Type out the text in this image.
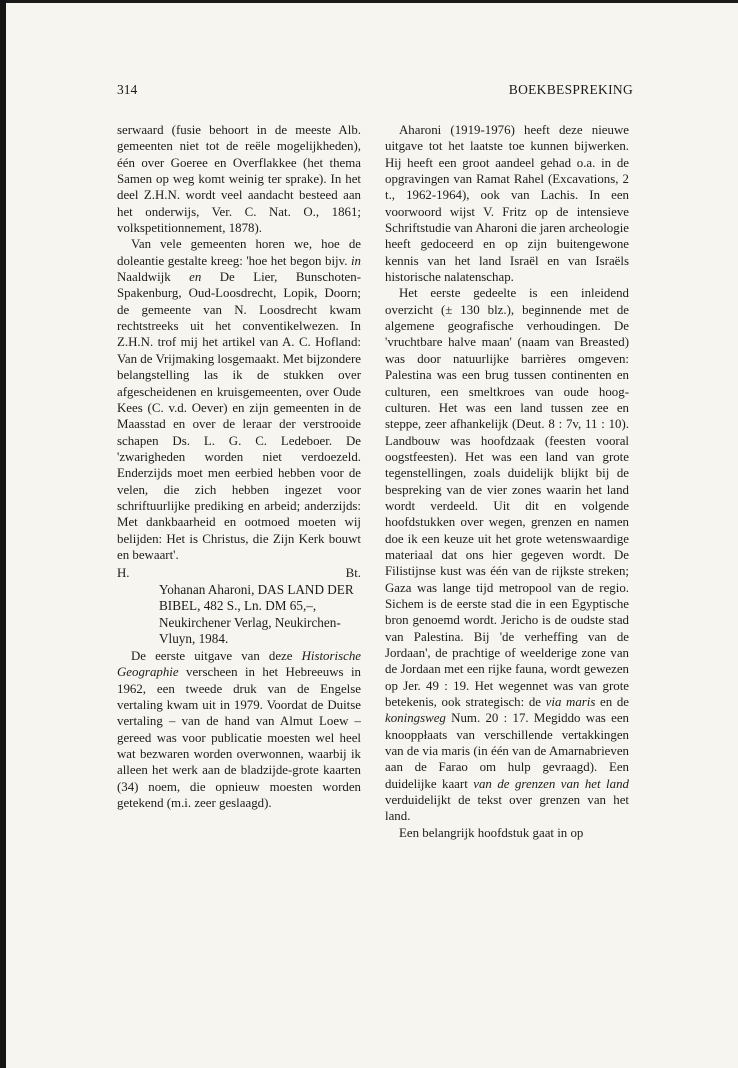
314	BOEKBESPREKING

serwaard (fusie behoort in de meeste Alb. gemeenten niet tot de reële mogelijkheden), één over Goeree en Overflakkee (het thema Samen op weg komt weinig ter sprake). In het deel Z.H.N. wordt veel aandacht besteed aan het onderwijs, Ver. C. Nat. O., 1861; volkspetitionnement, 1878).

Van vele gemeenten horen we, hoe de doleantie gestalte kreeg: 'hoe het begon bijv. in Naaldwijk en De Lier, Bunschoten-Spakenburg, Oud-Loosdrecht, Lopik, Doorn; de gemeente van N. Loosdrecht kwam rechtstreeks uit het conventikelwezen. In Z.H.N. trof mij het artikel van A. C. Hofland: Van de Vrijmaking losgemaakt. Met bijzondere belangstelling las ik de stukken over afgescheidenen en kruisgemeenten, over Oude Kees (C. v.d. Oever) en zijn gemeenten in de Maasstad en over de leraar der verstrooide schapen Ds. L. G. C. Ledeboer. De 'zwarigheden worden niet verdoezeld. Enderzijds moet men eerbied hebben voor de velen, die zich hebben ingezet voor schriftuurlijke prediking en arbeid; anderzijds: Met dankbaarheid en ootmoed moeten wij belijden: Het is Christus, die Zijn Kerk bouwt en bewaart'.

H.	Bt.

Yohanan Aharoni, DAS LAND DER BIBEL, 482 S., Ln. DM 65,–, Neukirchener Verlag, Neukirchen-Vluyn, 1984.

De eerste uitgave van deze Historische Geographie verscheen in het Hebreeuws in 1962, een tweede druk van de Engelse vertaling kwam uit in 1979. Voordat de Duitse vertaling – van de hand van Almut Loew – gereed was voor publicatie moesten wel heel wat bezwaren worden overwonnen, waarbij ik alleen het werk aan de bladzijde-grote kaarten (34) noem, die opnieuw moesten worden getekend (m.i. zeer geslaagd).

Aharoni (1919-1976) heeft deze nieuwe uitgave tot het laatste toe kunnen bijwerken. Hij heeft een groot aandeel gehad o.a. in de opgravingen van Ramat Rahel (Excavations, 2 t., 1962-1964), ook van Lachis. In een voorwoord wijst V. Fritz op de intensieve Schriftstudie van Aharoni die jaren archeologie heeft gedoceerd en op zijn buitengewone kennis van het land Israël en van Israëls historische nalatenschap.

Het eerste gedeelte is een inleidend overzicht (± 130 blz.), beginnende met de algemene geografische verhoudingen. De 'vruchtbare halve maan' (naam van Breasted) was door natuurlijke barrières omgeven: Palestina was een brug tussen continenten en culturen, een smeltkroes van oude hoog-culturen. Het was een land tussen zee en steppe, zeer afhankelijk (Deut. 8 : 7v, 11 : 10). Landbouw was hoofdzaak (feesten vooral oogstfeesten). Het was een land van grote tegenstellingen, zoals duidelijk blijkt bij de bespreking van de vier zones waarin het land wordt verdeeld. Uit dit en volgende hoofdstukken over wegen, grenzen en namen doe ik een keuze uit het grote wetenswaardige materiaal dat ons hier gegeven wordt. De Filistijnse kust was één van de rijkste streken; Gaza was lange tijd metropool van de regio. Sichem is de eerste stad die in een Egyptische bron genoemd wordt. Jericho is de oudste stad van Palestina. Bij 'de verheffing van de Jordaan', de prachtige of weelderige zone van de Jordaan met een rijke fauna, wordt gewezen op Jer. 49 : 19. Het wegennet was van grote betekenis, ook strategisch: de via maris en de koningsweg Num. 20 : 17. Megiddo was een knooppłaats van verschillende vertakkingen van de via maris (in één van de Amarnabrieven aan de Farao om hulp gevraagd). Een duidelijke kaart van de grenzen van het land verduidelijkt de tekst over grenzen van het land.

Een belangrijk hoofdstuk gaat in op
